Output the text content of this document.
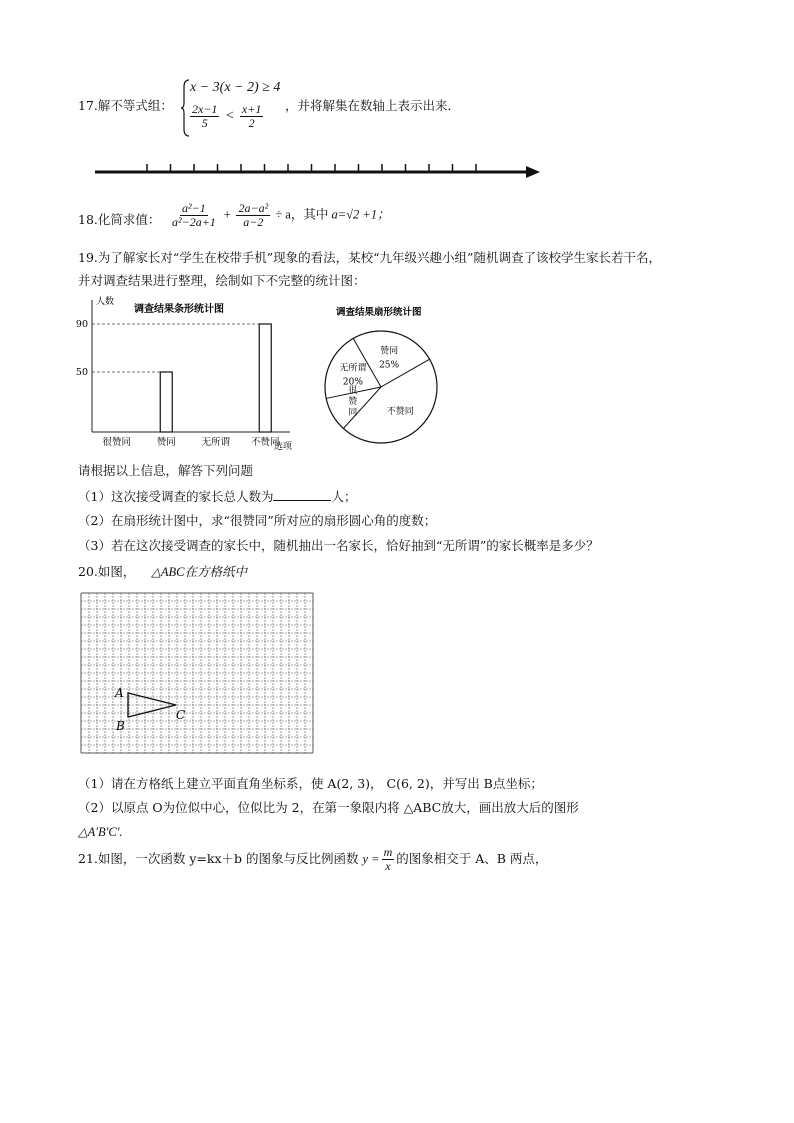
17.解不等式组：
x − 3(x − 2) ≥ 4
$\frac{2x-1}{5} < \frac{x+1}{2}$ ，并将解集在数轴上表示出来．
18.化简求值： $\frac{\text{a²−1}}{\text{a²−2a+1}} + \frac{\text{2a−a²}}{a-2} \div a$，其中 a=√2 +1；
19.为了解家长对“学生在校带手机”现象的看法，某校“九年级兴趣小组”随机调查了该校学生家长若干名，
并对调查结果进行整理，绘制如下不完整的统计图：
调查结果条形统计图
人数
选项
很赞同	赞同	无所谓 不赞同
50
90
调查结果扇形统计图
赞同
25%
不赞同
很
赞
同
无所谓
20%
请根据以上信息，解答下列问题
（1）这次接受调查的家长总人数为	人；
（2）在扇形统计图中，求“很赞同”所对应的扇形圆心角的度数；
（3）若在这次接受调查的家长中，随机抽出一名家长，恰好抽到“无所谓”的家长概率是多少？
20.如图， △ABC在方格纸中
A
B
C
（1）请在方格纸上建立平面直角坐标系，使 A(2, 3)， C(6, 2)，并写出 B点坐标；
（2）以原点 O为位似中心，位似比为 2，在第一象限内将 △ABC放大，画出放大后的图形
△A′B′C′.
21.如图，一次函数 y=kx＋b 的图象与反比例函数 $y = \frac{m}{x}$ 的图象相交于 A、B 两点，
